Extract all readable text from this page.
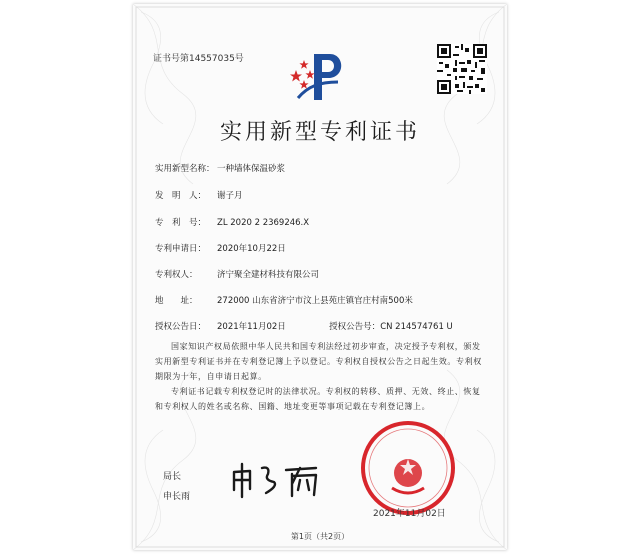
证书号第14557035号
实用新型专利证书
实用新型名称： 一种墙体保温砂浆
发　明　人： 谢子月
专　利　号： ZL 2020 2 2369246.X
专利申请日： 2020年10月22日
专利权人： 济宁聚全建材科技有限公司
地　　址： 272000 山东省济宁市汶上县苑庄镇官庄村南500米
授权公告日： 2021年11月02日	授权公告号：CN 214574761 U

国家知识产权局依照中华人民共和国专利法经过初步审查，决定授予专利权，颁发实用新型专利证书并在专利登记簿上予以登记。专利权自授权公告之日起生效。专利权期限为十年，自申请日起算。

专利证书记载专利权登记时的法律状况。专利权的转移、质押、无效、终止、恢复和专利权人的姓名或名称、国籍、地址变更等事项记载在专利登记簿上。

局长
申长雨
2021年11月02日
第1页（共2页）
